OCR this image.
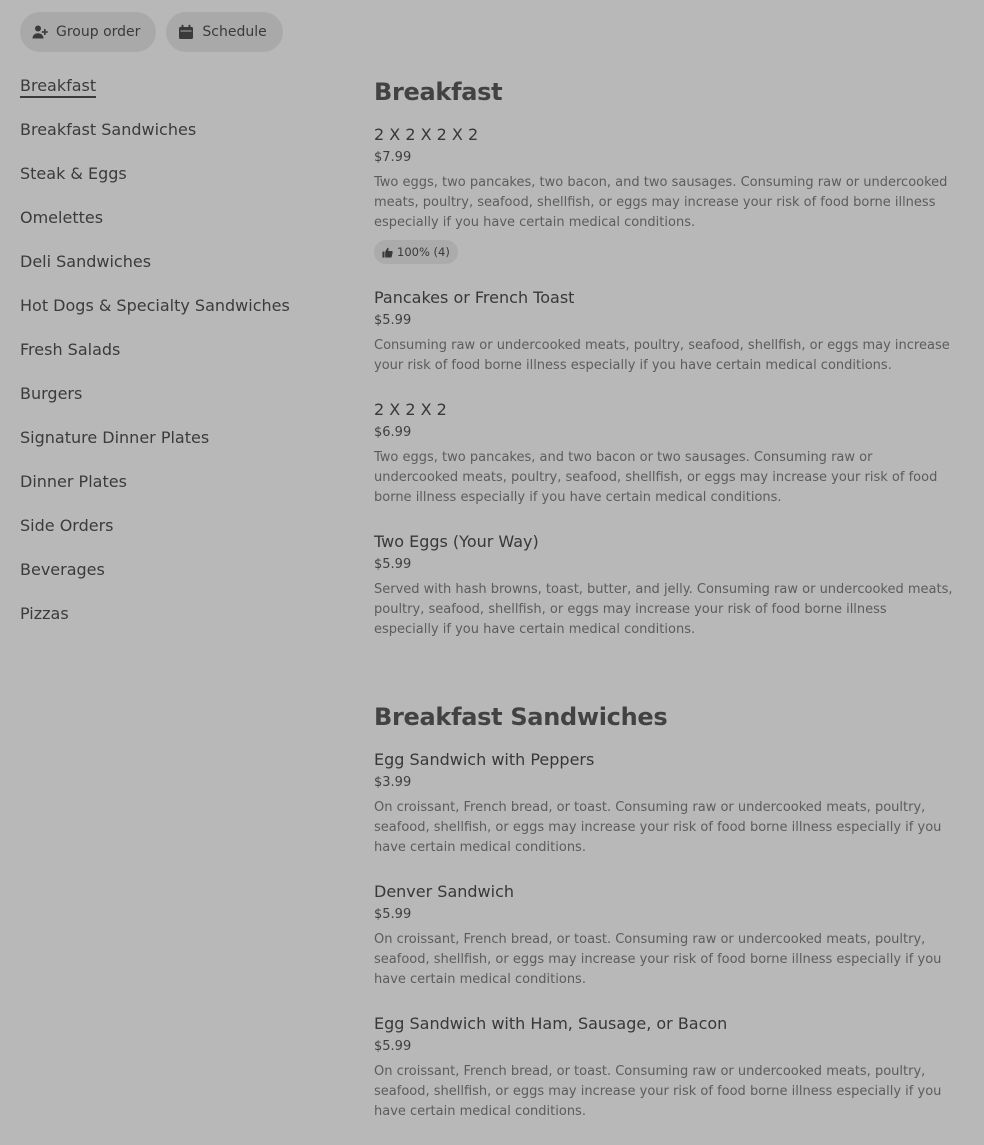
Group order	Schedule
Breakfast
Breakfast Sandwiches
Steak & Eggs
Omelettes
Deli Sandwiches
Hot Dogs & Specialty Sandwiches
Fresh Salads
Burgers
Signature Dinner Plates
Dinner Plates
Side Orders
Beverages
Pizzas
Breakfast
2 X 2 X 2 X 2
$7.99
Two eggs, two pancakes, two bacon, and two sausages. Consuming raw or undercooked meats, poultry, seafood, shellfish, or eggs may increase your risk of food borne illness especially if you have certain medical conditions.
100% (4)
Pancakes or French Toast
$5.99
Consuming raw or undercooked meats, poultry, seafood, shellfish, or eggs may increase your risk of food borne illness especially if you have certain medical conditions.
2 X 2 X 2
$6.99
Two eggs, two pancakes, and two bacon or two sausages. Consuming raw or undercooked meats, poultry, seafood, shellfish, or eggs may increase your risk of food borne illness especially if you have certain medical conditions.
Two Eggs (Your Way)
$5.99
Served with hash browns, toast, butter, and jelly. Consuming raw or undercooked meats, poultry, seafood, shellfish, or eggs may increase your risk of food borne illness especially if you have certain medical conditions.
Breakfast Sandwiches
Egg Sandwich with Peppers
$3.99
On croissant, French bread, or toast. Consuming raw or undercooked meats, poultry, seafood, shellfish, or eggs may increase your risk of food borne illness especially if you have certain medical conditions.
Denver Sandwich
$5.99
On croissant, French bread, or toast. Consuming raw or undercooked meats, poultry, seafood, shellfish, or eggs may increase your risk of food borne illness especially if you have certain medical conditions.
Egg Sandwich with Ham, Sausage, or Bacon
$5.99
On croissant, French bread, or toast. Consuming raw or undercooked meats, poultry, seafood, shellfish, or eggs may increase your risk of food borne illness especially if you have certain medical conditions.
